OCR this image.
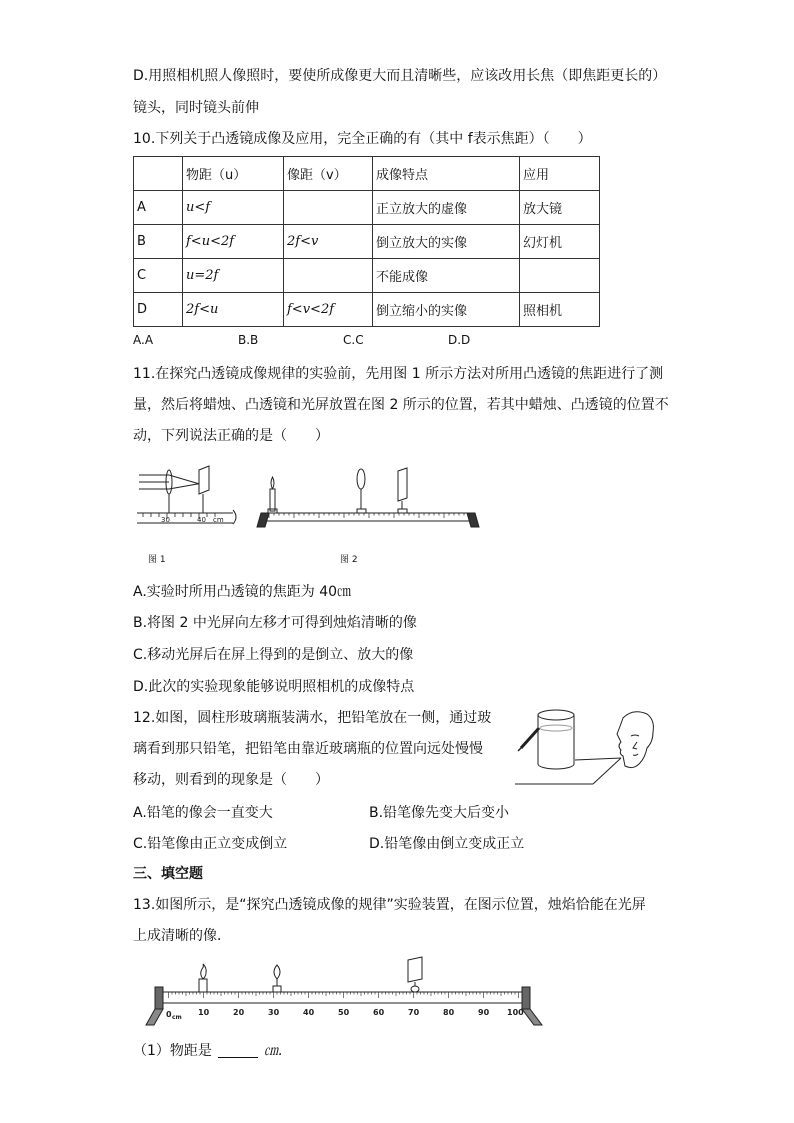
D.用照相机照人像照时，要使所成像更大而且清晰些，应该改用长焦（即焦距更长的）
镜头，同时镜头前伸
10.下列关于凸透镜成像及应用，完全正确的有（其中 f表示焦距）（　　）
	物距（u）	像距（v）	成像特点	应用
A	u<f		正立放大的虚像	放大镜
B	f<u<2f	2f<v	倒立放大的实像	幻灯机
C	u=2f		不能成像	
D	2f<u	f<v<2f	倒立缩小的实像	照相机
A.A	B.B	C.C	D.D
11.在探究凸透镜成像规律的实验前，先用图 1 所示方法对所用凸透镜的焦距进行了测
量，然后将蜡烛、凸透镜和光屏放置在图 2 所示的位置，若其中蜡烛、凸透镜的位置不
动，下列说法正确的是（　　）
30	40 cm
图 1	图 2
A.实验时所用凸透镜的焦距为 40㎝
B.将图 2 中光屏向左移才可得到烛焰清晰的像
C.移动光屏后在屏上得到的是倒立、放大的像
D.此次的实验现象能够说明照相机的成像特点
12.如图，圆柱形玻璃瓶装满水，把铅笔放在一侧，通过玻
璃看到那只铅笔，把铅笔由靠近玻璃瓶的位置向远处慢慢
移动，则看到的现象是（　　）
A.铅笔的像会一直变大	B.铅笔像先变大后变小
C.铅笔像由正立变成倒立	D.铅笔像由倒立变成正立
三、填空题
13.如图所示，是“探究凸透镜成像的规律”实验装置，在图示位置，烛焰恰能在光屏
上成清晰的像．
0 cm
10	20	30	40	50	60	70	80	90 100
（1）物距是	㎝.
